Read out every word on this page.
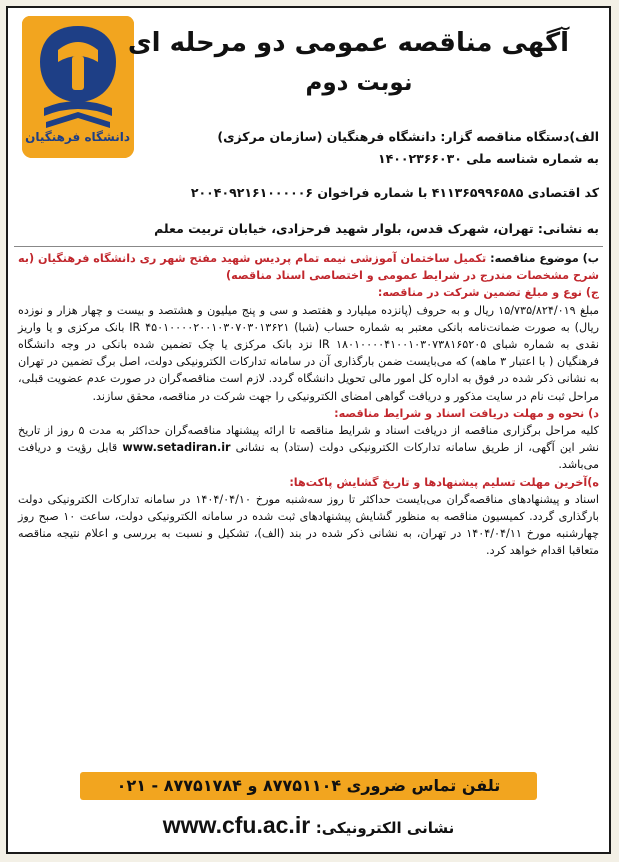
دانشگاه فرهنگیان
آگهی مناقصه عمومی دو مرحله ای
نوبت دوم
الف)دستگاه مناقصه گزار: دانشگاه فرهنگیان (سازمان مرکزی)
به شماره شناسه ملی ۱۴۰۰۲۳۶۶۰۳۰
کد اقتصادی ۴۱۱۳۶۵۹۹۶۵۸۵ با شماره فراخوان ۲۰۰۴۰۹۲۱۶۱۰۰۰۰۰۶
به نشانی: تهران، شهرک قدس، بلوار شهید فرحزادی، خیابان تربیت معلم

ب) موضوع مناقصه: تکمیل ساختمان آموزشی نیمه تمام پردیس شهید مفتح شهر ری دانشگاه فرهنگیان (به شرح مشخصات مندرج در شرایط عمومی و اختصاصی اسناد مناقصه)

ج) نوع و مبلغ تضمین شرکت در مناقصه:

مبلغ ۱۵/۷۳۵/۸۲۴/۰۱۹ ریال و به حروف (پانزده میلیارد و هفتصد و سی و پنج میلیون و هشتصد و بیست و چهار هزار و نوزده ریال) به صورت ضمانت‌نامه بانکی معتبر به شماره حساب (شبا) IR ۴۵۰۱۰۰۰۰۲۰۰۱۰۳۰۷۰۳۰۱۳۶۲۱ بانک مرکزی و یا واریز نقدی به شماره شبای IR ۱۸۰۱۰۰۰۰۴۱۰۰۱۰۳۰۷۳۸۱۶۵۲۰۵ نزد بانک مرکزی یا چک تضمین شده بانکی در وجه دانشگاه فرهنگیان ( با اعتبار ۳ ماهه) که می‌بایست ضمن بارگذاری آن در سامانه تدارکات الکترونیکی دولت، اصل برگ تضمین در تهران به نشانی ذکر شده در فوق به اداره کل امور مالی تحویل دانشگاه گردد. لازم است مناقصه‌گران در صورت عدم عضویت قبلی، مراحل ثبت نام در سایت مذکور و دریافت گواهی امضای الکترونیکی را جهت شرکت در مناقصه، محقق سازند.

د) نحوه و مهلت دریافت اسناد و شرایط مناقصه:

کلیه مراحل برگزاری مناقصه از دریافت اسناد و شرایط مناقصه تا ارائه پیشنهاد مناقصه‌گران حداکثر به مدت ۵ روز از تاریخ نشر این آگهی، از طریق سامانه تدارکات الکترونیکی دولت (ستاد) به نشانی www.setadiran.ir قابل رؤیت و دریافت می‌باشد.

ه)آخرین مهلت تسلیم پیشنهادها و تاریخ گشایش پاکت‌ها:

اسناد و پیشنهادهای مناقصه‌گران می‌بایست حداکثر تا روز سه‌شنبه مورخ ۱۴۰۴/۰۴/۱۰ در سامانه تدارکات الکترونیکی دولت بارگذاری گردد. کمیسیون مناقصه به منظور گشایش پیشنهادهای ثبت شده در سامانه الکترونیکی دولت، ساعت ۱۰ صبح روز چهارشنبه مورخ ۱۴۰۴/۰۴/۱۱ در تهران، به نشانی ذکر شده در بند (الف)، تشکیل و نسبت به بررسی و اعلام نتیجه مناقصه متعاقبا اقدام خواهد کرد.

تلفن تماس ضروری ۸۷۷۵۱۱۰۴ و ۸۷۷۵۱۷۸۴ - ۰۲۱
نشانی الکترونیکی: www.cfu.ac.ir
